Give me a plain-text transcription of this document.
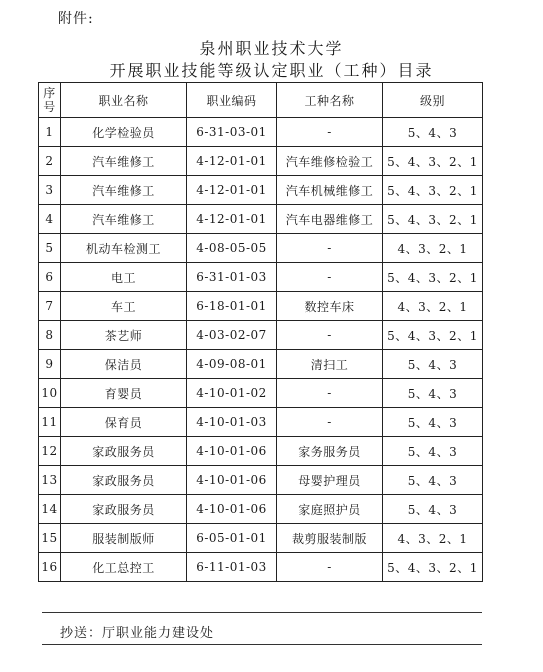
附件:
泉州职业技术大学
开展职业技能等级认定职业（工种）目录
序
号	职业名称	职业编码	工种名称	级别
1	化学检验员	6-31-03-01	-	5、4、3
2	汽车维修工	4-12-01-01	汽车维修检验工	5、4、3、2、1
3	汽车维修工	4-12-01-01	汽车机械维修工	5、4、3、2、1
4	汽车维修工	4-12-01-01	汽车电器维修工	5、4、3、2、1
5	机动车检测工	4-08-05-05	-	4、3、2、1
6	电工	6-31-01-03	-	5、4、3、2、1
7	车工	6-18-01-01	数控车床	4、3、2、1
8	茶艺师	4-03-02-07	-	5、4、3、2、1
9	保洁员	4-09-08-01	清扫工	5、4、3
10	育婴员	4-10-01-02	-	5、4、3
11	保育员	4-10-01-03	-	5、4、3
12	家政服务员	4-10-01-06	家务服务员	5、4、3
13	家政服务员	4-10-01-06	母婴护理员	5、4、3
14	家政服务员	4-10-01-06	家庭照护员	5、4、3
15	服装制版师	6-05-01-01	裁剪服装制版	4、3、2、1
16	化工总控工	6-11-01-03	-	5、4、3、2、1
抄送：厅职业能力建设处
